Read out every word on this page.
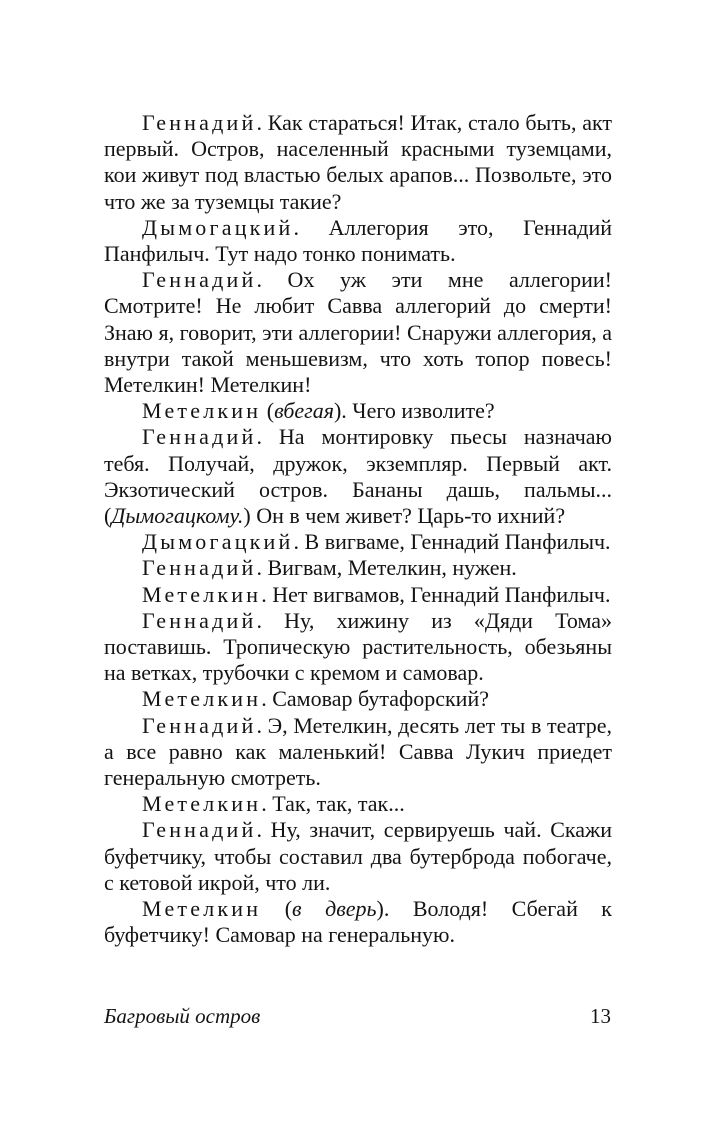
Геннадий. Как стараться! Итак, стало быть, акт первый. Остров, населенный красными туземцами, кои живут под властью белых арапов... Позвольте, это что же за туземцы такие?

Дымогацкий. Аллегория это, Геннадий Панфилыч. Тут надо тонко понимать.

Геннадий. Ох уж эти мне аллегории! Смотрите! Не любит Савва аллегорий до смерти! Знаю я, говорит, эти аллегории! Снаружи аллегория, а внутри такой меньшевизм, что хоть топор повесь! Метелкин! Метелкин!

Метелкин (вбегая). Чего изволите?

Геннадий. На монтировку пьесы назначаю тебя. Получай, дружок, экземпляр. Первый акт. Экзотический остров. Бананы дашь, пальмы... (Дымогацкому.) Он в чем живет? Царь-то ихний?

Дымогацкий. В вигваме, Геннадий Панфилыч.

Геннадий. Вигвам, Метелкин, нужен.

Метелкин. Нет вигвамов, Геннадий Панфилыч.

Геннадий. Ну, хижину из «Дяди Тома» поставишь. Тропическую растительность, обезьяны на ветках, трубочки с кремом и самовар.

Метелкин. Самовар бутафорский?

Геннадий. Э, Метелкин, десять лет ты в театре, а все равно как маленький! Савва Лукич приедет генеральную смотреть.

Метелкин. Так, так, так...

Геннадий. Ну, значит, сервируешь чай. Скажи буфетчику, чтобы составил два бутерброда побогаче, с кетовой икрой, что ли.

Метелкин (в дверь). Володя! Сбегай к буфетчику! Самовар на генеральную.

Багровый остров	13
